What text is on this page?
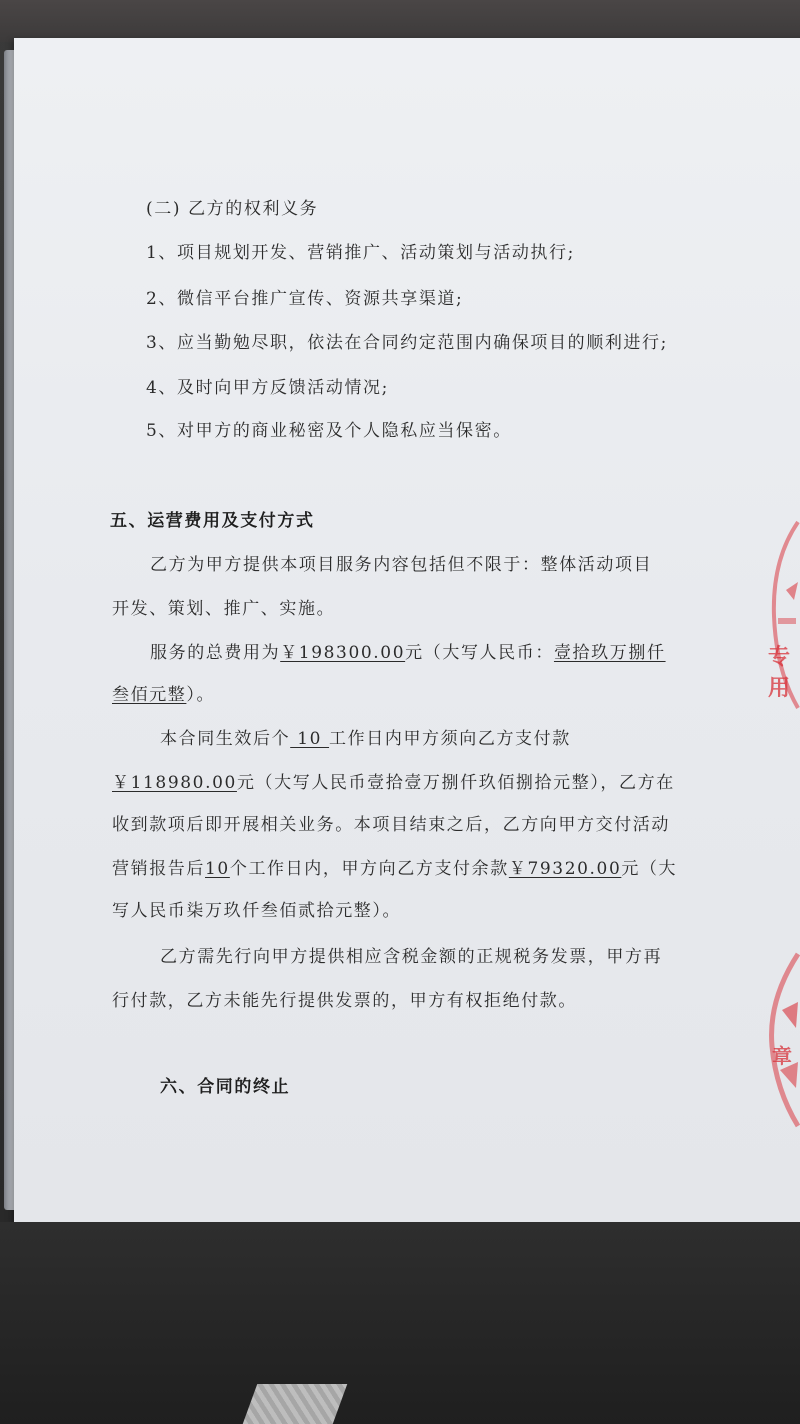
(二) 乙方的权利义务
1、项目规划开发、营销推广、活动策划与活动执行;
2、微信平台推广宣传、资源共享渠道;
3、应当勤勉尽职，依法在合同约定范围内确保项目的顺利进行;
4、及时向甲方反馈活动情况;
5、对甲方的商业秘密及个人隐私应当保密。
五、运营费用及支付方式
乙方为甲方提供本项目服务内容包括但不限于：整体活动项目
开发、策划、推广、实施。
服务的总费用为￥198300.00元（大写人民币：壹拾玖万捌仟
叁佰元整）。
本合同生效后个 10 工作日内甲方须向乙方支付款
￥118980.00元（大写人民币壹拾壹万捌仟玖佰捌拾元整），乙方在
收到款项后即开展相关业务。本项目结束之后，乙方向甲方交付活动
营销报告后10个工作日内，甲方向乙方支付余款￥79320.00元（大
写人民币柒万玖仟叁佰贰拾元整）。
乙方需先行向甲方提供相应含税金额的正规税务发票，甲方再
行付款，乙方未能先行提供发票的，甲方有权拒绝付款。
六、合同的终止
专用
章
